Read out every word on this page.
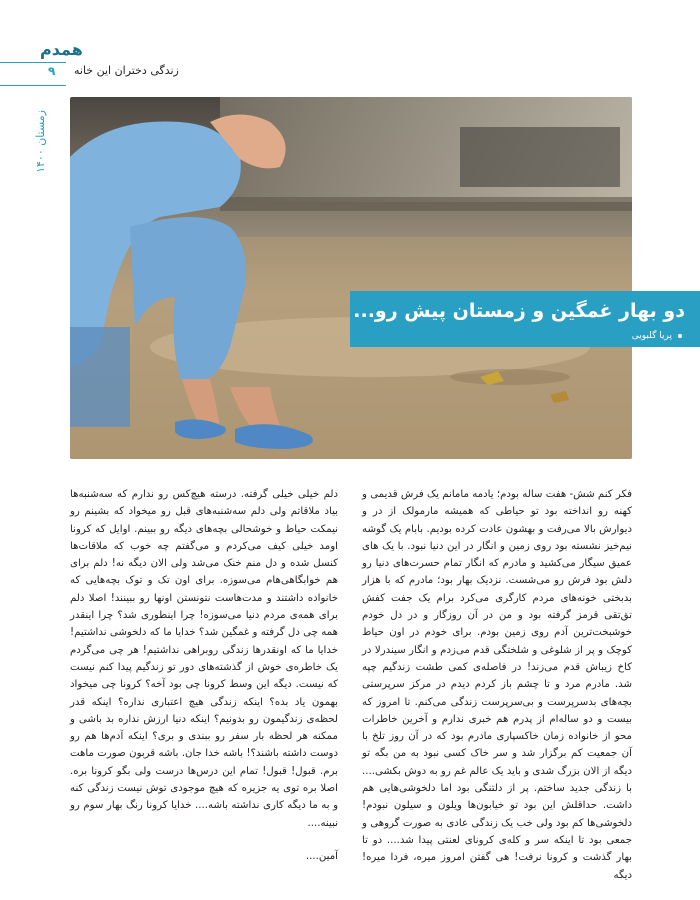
همدم
۹ زندگی دختران این خانه
زمستان ۱۴۰۰
دو بهار غمگین و زمستان پیش رو...
پریا گلبویی

فکر کنم شش- هفت ساله بودم؛ یادمه مامانم یک فرش قدیمی و کهنه رو انداخته بود تو حیاطی که همیشه مارمولک از در و دیوارش بالا می‌رفت و بهشون عادت کرده بودیم. بابام یک گوشه نیم‌خیز نشسته بود روی زمین و انگار در این دنیا نبود. با یک های عمیق سیگار می‌کشید و مادرم که انگار تمام حسرت‌های دنیا رو دلش بود فرش رو می‌شست. نزدیک بهار بود؛ مادرم که با هزار بدبختی خونه‌های مردم کارگری می‌کرد برام یک جفت کفش تق‌تقی قرمز گرفته بود و من در آن روزگار و در دل خودم خوشبخت‌ترین آدم روی زمین بودم. برای خودم در اون حیاط کوچک و پر از شلوغی و شلختگی قدم می‌زدم و انگار سیندرلا در کاخ زیباش قدم می‌زند! در فاصله‌ی کمی طشت زندگیم چپه شد. مادرم مرد و تا چشم باز کردم دیدم در مرکز سرپرستی بچه‌های بدسرپرست و بی‌سرپرست زندگی می‌کنم. تا امروز که بیست و دو ساله‌ام از پدرم هم خبری ندارم و آخرین خاطرات محو از خانواده زمان خاکسپاری مادرم بود که در آن روز تلخ با آن جمعیت کم برگزار شد و سر خاک کسی نبود به من بگه تو دیگه از الان بزرگ شدی و باید یک عالم غم رو به دوش بکشی.... با زندگی جدید ساختم. پر از دلتنگی بود اما دلخوشی‌هایی هم داشت. حداقلش این بود تو خیابون‌ها ویلون و سیلون نبودم! دلخوشی‌ها کم بود ولی خب یک زندگی عادی به صورت گروهی و جمعی بود تا اینکه سر و کله‌ی کرونای لعنتی پیدا شد.... دو تا بهار گذشت و کرونا نرفت! هی گفتن امروز میره، فردا میره! دیگه

دلم خیلی خیلی گرفته. درسته هیچ‌کس رو ندارم که سه‌شنبه‌ها بیاد ملاقاتم ولی دلم سه‌شنبه‌های قبل رو میخواد که بشینم رو نیمکت حیاط و خوشحالی بچه‌های دیگه رو ببینم. اوایل که کرونا اومد خیلی کیف می‌کردم و می‌گفتم چه خوب که ملاقات‌ها کنسل شده و دل منم خنک می‌شد ولی الان دیگه نه! دلم برای هم خوابگاهی‌هام می‌سوزه. برای اون تک و توک بچه‌هایی که خانواده داشتند و مدت‌هاست نتونستن اونها رو ببینند! اصلا دلم برای همه‌ی مردم دنیا می‌سوزه! چرا اینطوری شد؟ چرا اینقدر همه چی دل گرفته و غمگین شد؟ خدایا ما که دلخوشی نداشتیم! خدایا ما که اونقدرها زندگی روبراهی نداشتیم! هر چی می‌گردم یک خاطره‌ی خوش از گذشته‌های دور تو زندگیم پیدا کنم نیست که نیست. دیگه این وسط کرونا چی بود آخه؟ کرونا چی میخواد بهمون یاد بده؟ اینکه زندگی هیچ اعتباری نداره؟ اینکه قدر لحظه‌ی زندگیمون رو بدونیم؟ اینکه دنیا ارزش نداره بد باشی و ممکنه هر لحظه بار سفر رو ببندی و بری؟ اینکه آدم‌ها هم رو دوست داشته باشند؟! باشه خدا جان. باشه قربون صورت ماهت برم. قبول! قبول! تمام این درس‌ها درست ولی بگو کرونا بره. اصلا بره توی یه جزیره که هیچ موجودی توش نیست زندگی کنه و به ما دیگه کاری نداشته باشه.... خدایا کرونا رنگ بهار سوم رو نبینه....

آمین....
